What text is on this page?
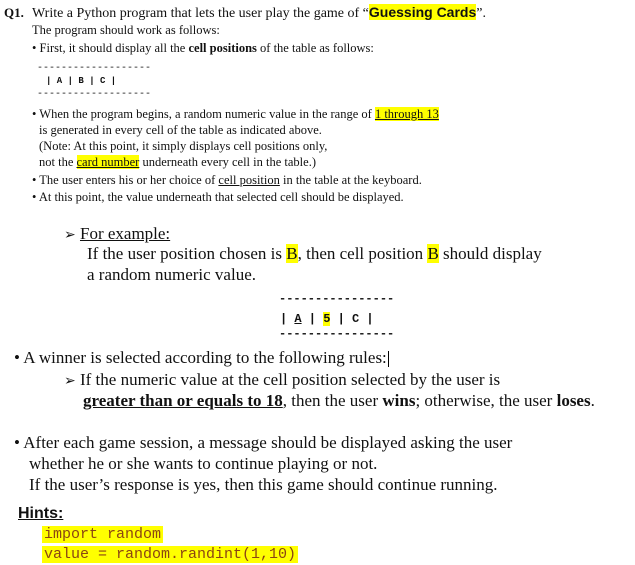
Q1. Write a Python program that lets the user play the game of “Guessing Cards”.
The program should work as follows:
• First, it should display all the cell positions of the table as follows:
-------------------
| A | B | C |
-------------------
• When the program begins, a random numeric value in the range of 1 through 13
is generated in every cell of the table as indicated above.
(Note: At this point, it simply displays cell positions only,
not the card number underneath every cell in the table.)
• The user enters his or her choice of cell position in the table at the keyboard.
• At this point, the value underneath that selected cell should be displayed.
➢ For example:
If the user position chosen is B, then cell position B should display
a random numeric value.
----------------
| A | 5 | C |
----------------
• A winner is selected according to the following rules:
➢ If the numeric value at the cell position selected by the user is
greater than or equals to 18, then the user wins; otherwise, the user loses.
• After each game session, a message should be displayed asking the user
whether he or she wants to continue playing or not.
If the user’s response is yes, then this game should continue running.
Hints:
import random
value = random.randint(1,10)
